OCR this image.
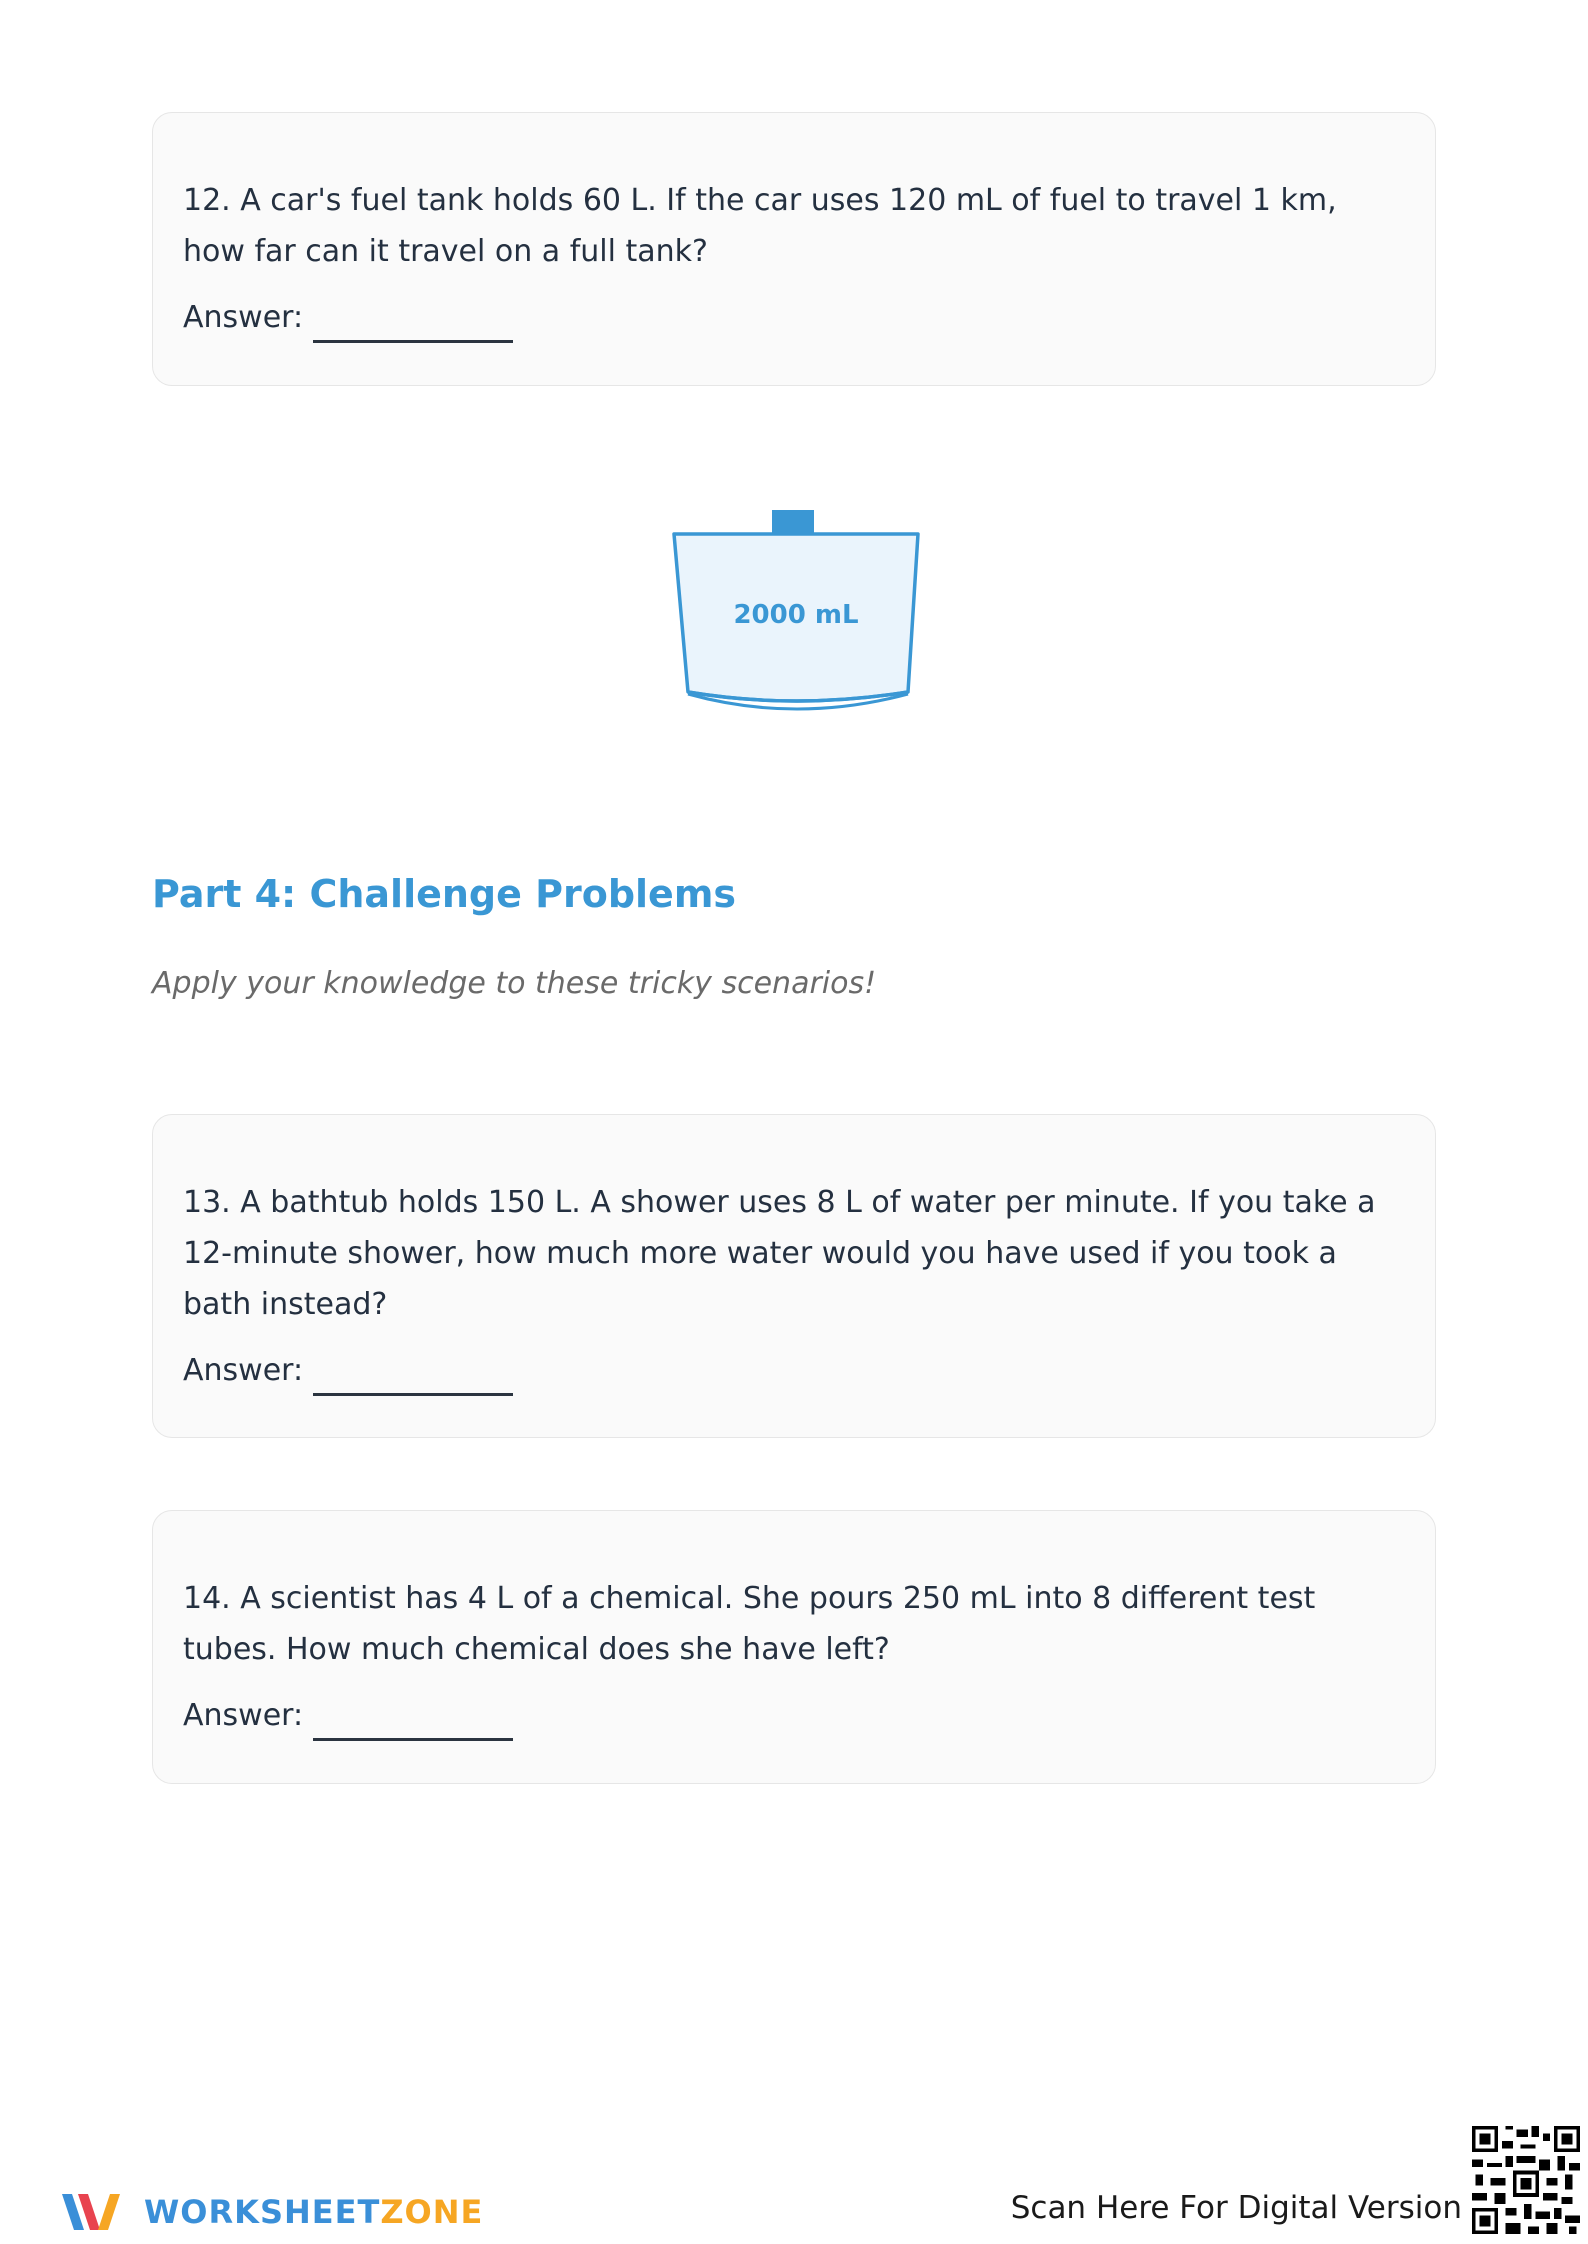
12. A car's fuel tank holds 60 L. If the car uses 120 mL of fuel to travel 1 km, how far can it travel on a full tank?

Answer:
2000 mL
Part 4: Challenge Problems

Apply your knowledge to these tricky scenarios!

13. A bathtub holds 150 L. A shower uses 8 L of water per minute. If you take a 12-minute shower, how much more water would you have used if you took a bath instead?

Answer:

14. A scientist has 4 L of a chemical. She pours 250 mL into 8 different test tubes. How much chemical does she have left?

Answer:
WORKSHEETZONE	Scan Here For Digital Version
